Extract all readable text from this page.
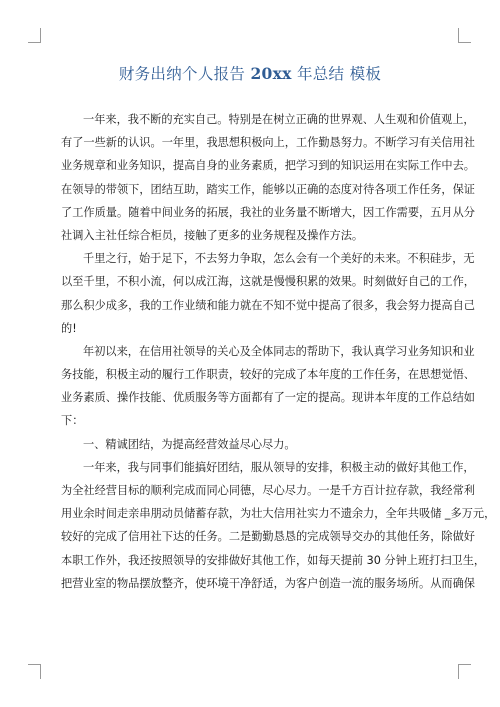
财务出纳个人报告 20xx 年总结 模板
一年来，我不断的充实自己。特别是在树立正确的世界观、人生观和价值观上，
有了一些新的认识。一年里，我思想积极向上，工作勤恳努力。不断学习有关信用社
业务规章和业务知识，提高自身的业务素质，把学习到的知识运用在实际工作中去。
在领导的带领下，团结互助，踏实工作，能够以正确的态度对待各项工作任务，保证
了工作质量。随着中间业务的拓展，我社的业务量不断增大，因工作需要，五月从分
社调入主社任综合柜员，接触了更多的业务规程及操作方法。
千里之行，始于足下，不去努力争取，怎么会有一个美好的未来。不积硅步，无
以至千里，不积小流，何以成江海，这就是慢慢积累的效果。时刻做好自己的工作，
那么积少成多，我的工作业绩和能力就在不知不觉中提高了很多，我会努力提高自己
的!
年初以来，在信用社领导的关心及全体同志的帮助下，我认真学习业务知识和业
务技能，积极主动的履行工作职责，较好的完成了本年度的工作任务，在思想觉悟、
业务素质、操作技能、优质服务等方面都有了一定的提高。现讲本年度的工作总结如
下：
一、精诚团结，为提高经营效益尽心尽力。
一年来，我与同事们能搞好团结，服从领导的安排，积极主动的做好其他工作，
为全社经营目标的顺利完成而同心同德，尽心尽力。一是千方百计拉存款，我经常利
用业余时间走亲串朋动员储蓄存款，为壮大信用社实力不遗余力，全年共吸储 _多万元，
较好的完成了信用社下达的任务。二是勤勤恳恳的完成领导交办的其他任务，除做好
本职工作外，我还按照领导的安排做好其他工作，如每天提前 30 分钟上班打扫卫生，
把营业室的物品摆放整齐，使环境干净舒适，为客户创造一流的服务场所。从而确保
